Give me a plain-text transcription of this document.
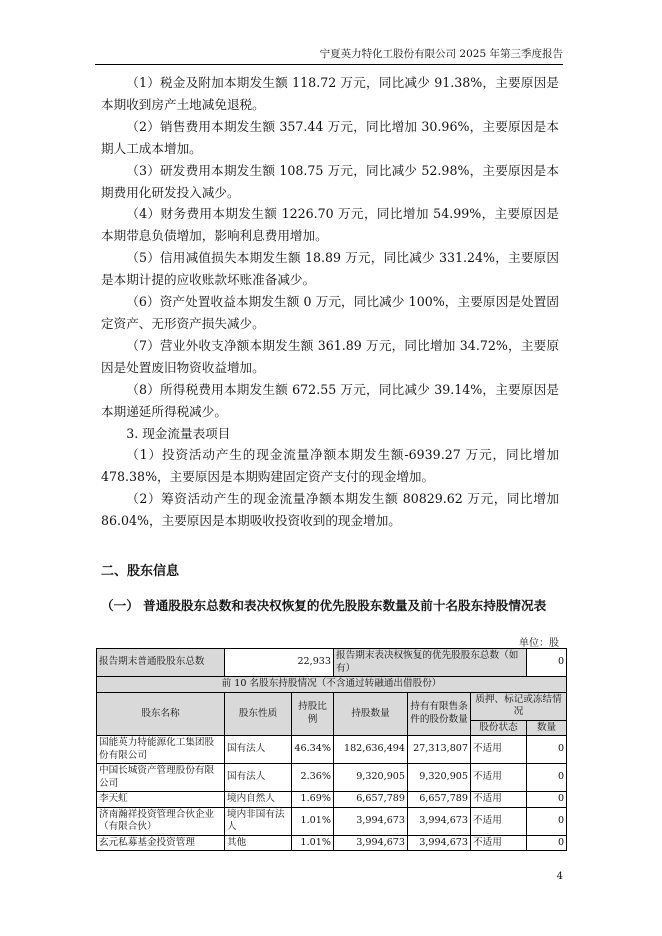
宁夏英力特化工股份有限公司 2025 年第三季度报告

（1）税金及附加本期发生额 118.72 万元，同比减少 91.38%，主要原因是本期收到房产土地减免退税。

（2）销售费用本期发生额 357.44 万元，同比增加 30.96%，主要原因是本期人工成本增加。

（3）研发费用本期发生额 108.75 万元，同比减少 52.98%，主要原因是本期费用化研发投入减少。

（4）财务费用本期发生额 1226.70 万元，同比增加 54.99%，主要原因是本期带息负债增加，影响利息费用增加。

（5）信用减值损失本期发生额 18.89 万元，同比减少 331.24%，主要原因是本期计提的应收账款坏账准备减少。

（6）资产处置收益本期发生额 0 万元，同比减少 100%，主要原因是处置固定资产、无形资产损失减少。

（7）营业外收支净额本期发生额 361.89 万元，同比增加 34.72%，主要原因是处置废旧物资收益增加。

（8）所得税费用本期发生额 672.55 万元，同比减少 39.14%，主要原因是本期递延所得税减少。

3. 现金流量表项目

（1）投资活动产生的现金流量净额本期发生额-6939.27 万元，同比增加 478.38%，主要原因是本期购建固定资产支付的现金增加。

（2）筹资活动产生的现金流量净额本期发生额 80829.62 万元，同比增加 86.04%，主要原因是本期吸收投资收到的现金增加。

二、股东信息

（一） 普通股股东总数和表决权恢复的优先股股东数量及前十名股东持股情况表

单位：股
报告期末普通股股东总数	22,933		报告期末表决权恢复的优先股股东总数（如有）			0
前 10 名股东持股情况（不含通过转融通出借股份）						
股东名称	股东性质	持股比例	持股数量	持有有限售条件的股份数量	质押、标记或冻结情况	
					股份状态	数量
国能英力特能源化工集团股份有限公司	国有法人	46.34%	182,636,494	27,313,807	不适用	0
中国长城资产管理股份有限公司	国有法人	2.36%	9,320,905	9,320,905	不适用	0
李天虹	境内自然人	1.69%	6,657,789	6,657,789	不适用	0
济南瀚祥投资管理合伙企业（有限合伙）	境内非国有法人	1.01%	3,994,673	3,994,673	不适用	0
玄元私募基金投资管理	其他	1.01%	3,994,673	3,994,673	不适用	0
4
